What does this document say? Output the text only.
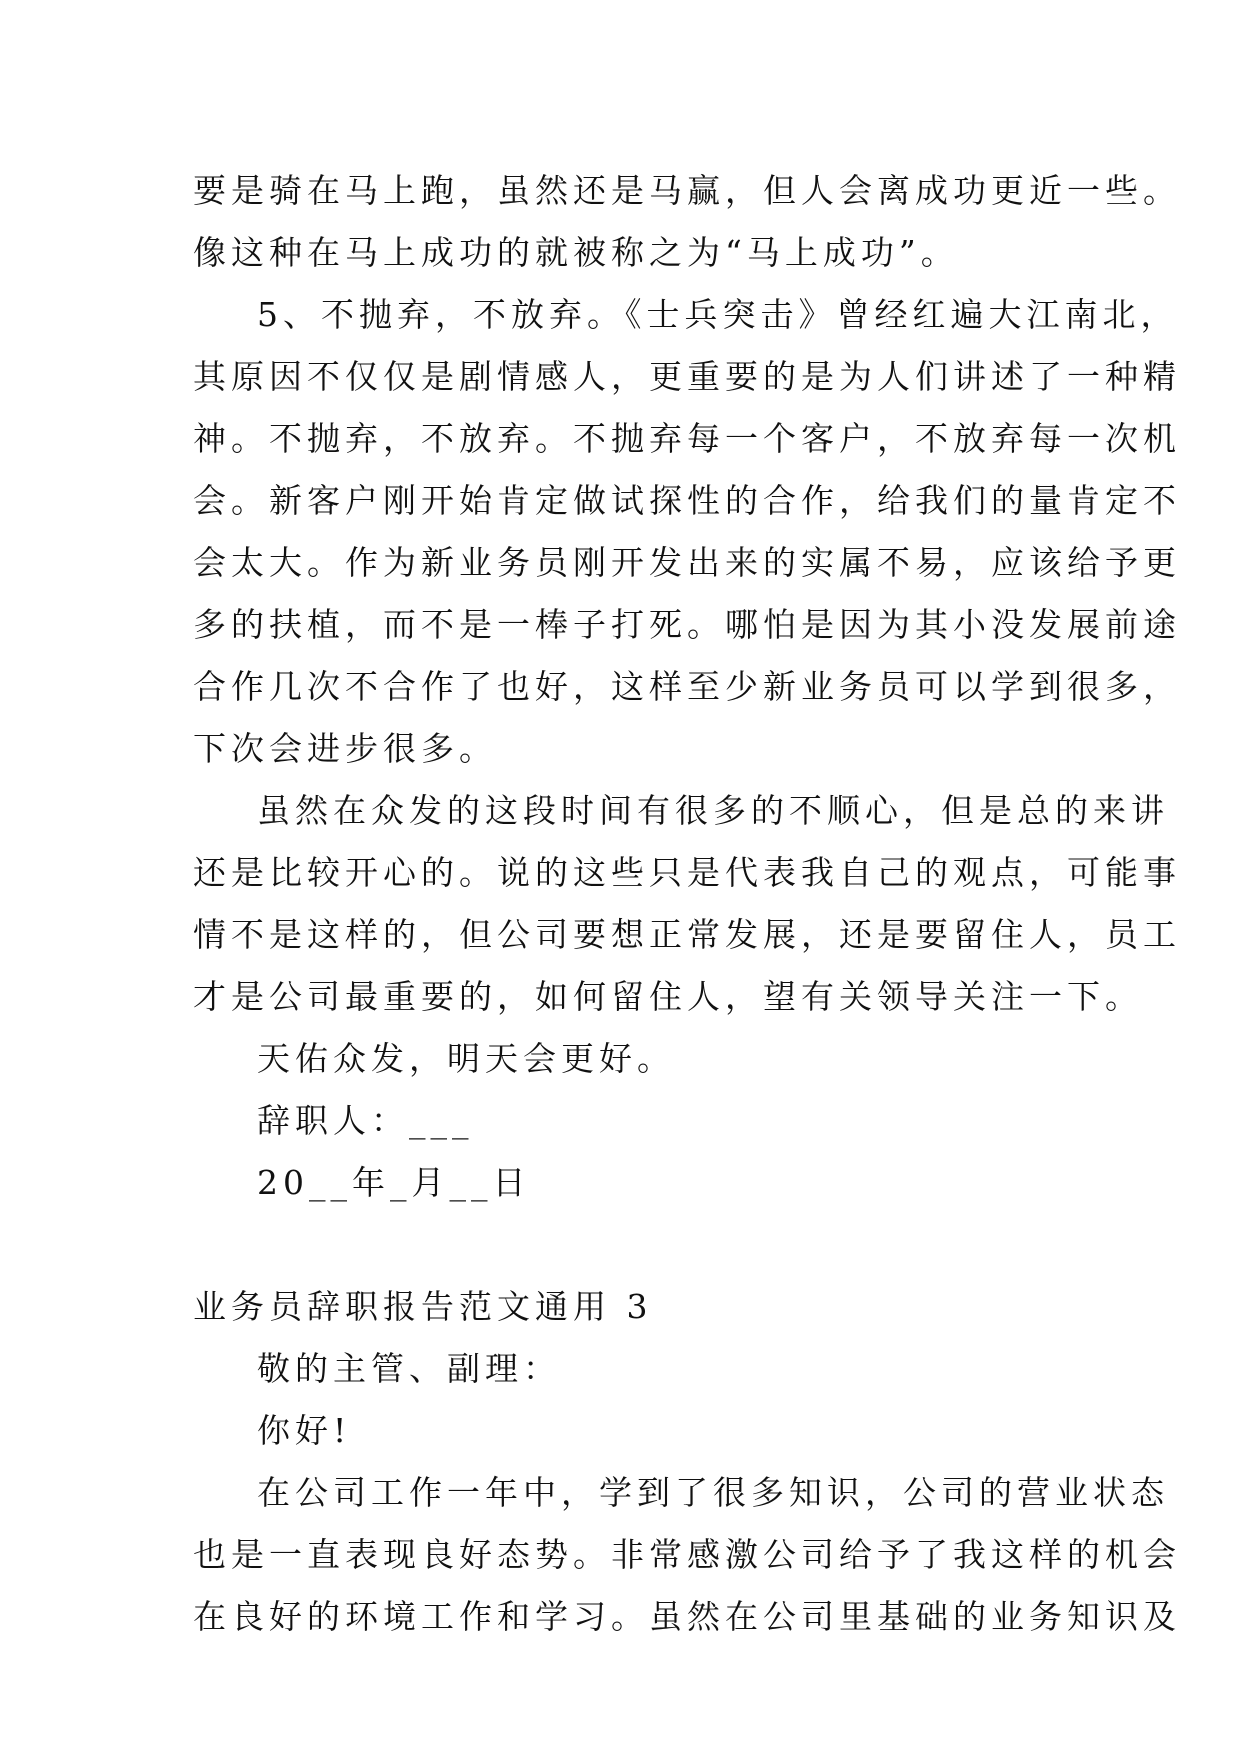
要是骑在马上跑，虽然还是马赢，但人会离成功更近一些。
像这种在马上成功的就被称之为“马上成功”。
5、不抛弃，不放弃。《士兵突击》曾经红遍大江南北，
其原因不仅仅是剧情感人，更重要的是为人们讲述了一种精
神。不抛弃，不放弃。不抛弃每一个客户，不放弃每一次机
会。新客户刚开始肯定做试探性的合作，给我们的量肯定不
会太大。作为新业务员刚开发出来的实属不易，应该给予更
多的扶植，而不是一棒子打死。哪怕是因为其小没发展前途
合作几次不合作了也好，这样至少新业务员可以学到很多，
下次会进步很多。
虽然在众发的这段时间有很多的不顺心，但是总的来讲
还是比较开心的。说的这些只是代表我自己的观点，可能事
情不是这样的，但公司要想正常发展，还是要留住人，员工
才是公司最重要的，如何留住人，望有关领导关注一下。
天佑众发，明天会更好。
辞职人：___
20__年_月__日
业务员辞职报告范文通用 3
敬的主管、副理：
你好!
在公司工作一年中，学到了很多知识，公司的营业状态
也是一直表现良好态势。非常感激公司给予了我这样的机会
在良好的环境工作和学习。虽然在公司里基础的业务知识及
